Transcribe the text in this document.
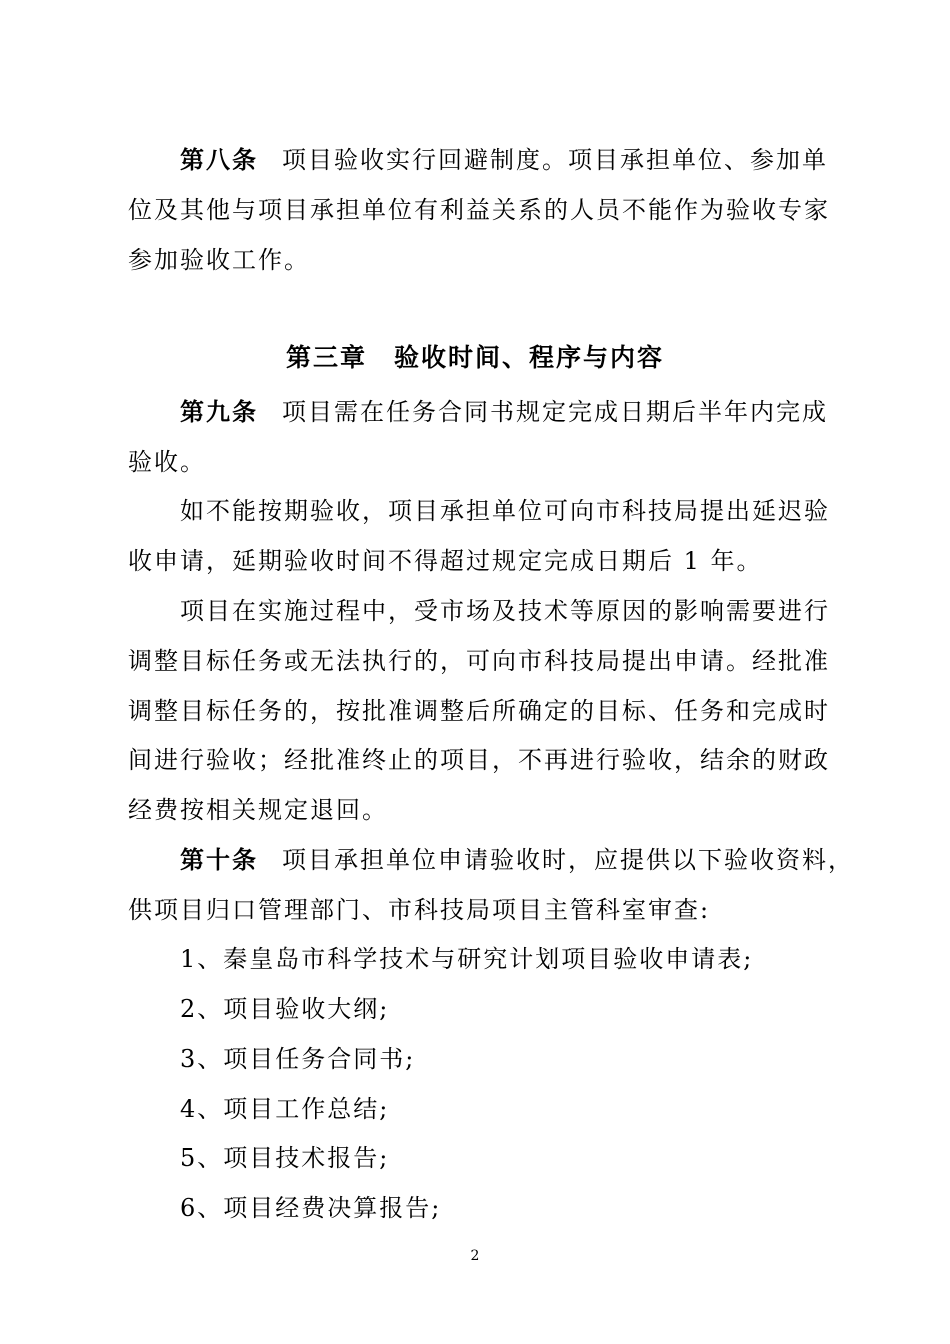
第八条 项目验收实行回避制度。项目承担单位、参加单
位及其他与项目承担单位有利益关系的人员不能作为验收专家
参加验收工作。
第三章　验收时间、程序与内容
第九条 项目需在任务合同书规定完成日期后半年内完成
验收。
如不能按期验收，项目承担单位可向市科技局提出延迟验
收申请，延期验收时间不得超过规定完成日期后 1 年。
项目在实施过程中，受市场及技术等原因的影响需要进行
调整目标任务或无法执行的，可向市科技局提出申请。经批准
调整目标任务的，按批准调整后所确定的目标、任务和完成时
间进行验收；经批准终止的项目，不再进行验收，结余的财政
经费按相关规定退回。
第十条 项目承担单位申请验收时，应提供以下验收资料，
供项目归口管理部门、市科技局项目主管科室审查:
1、秦皇岛市科学技术与研究计划项目验收申请表;
2、项目验收大纲;
3、项目任务合同书;
4、项目工作总结;
5、项目技术报告;
6、项目经费决算报告;
2
